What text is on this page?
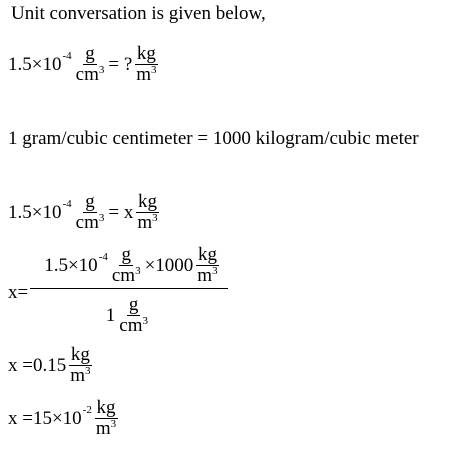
Unit conversation is given below,
1.5×10 $-4 \frac{g}{cm^3}$ = ? $\frac{kg}{m^3}$
1 gram/cubic centimeter = 1000 kilogram/cubic meter
1.5×10 $-4 \frac{g}{cm^3} = x \frac{kg}{m^3}$
x=
1.5×10 $-4 \frac{g}{cm^3} \times 1000 \frac{kg}{m^3}$
$1 \frac{g}{cm^3}$
$x =0.15 \frac{kg}{m^3}$
x =15×10 $-2 \frac{kg}{m^3}$
